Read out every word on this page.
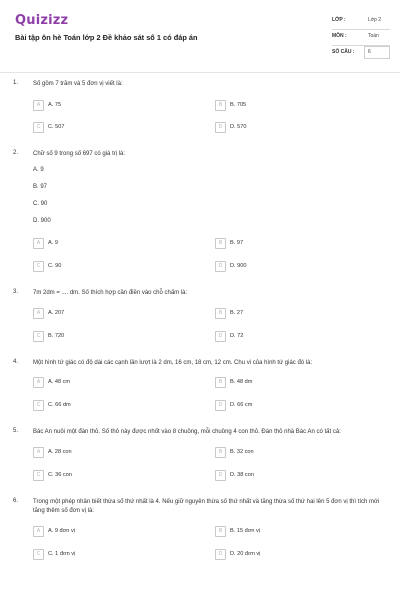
Quizizz
Bài tập ôn hè Toán lớp 2 Đề khảo sát số 1 có đáp án
LỚP :	Lớp 2
MÔN :	Toán
SỐ CÂU :	6
1. Số gồm 7 trăm và 5 đơn vị viết là:
A	A. 75	B	B. 705
C	C. 507	D	D. 570
2. Chữ số 9 trong số 697 có giá trị là:
A. 9
B. 97
C. 90
D. 900
A	A. 9	B	B. 97
C	C. 90	D	D. 900
3. 7m 2dm = .... dm. Số thích hợp cần điền vào chỗ chấm là:
A	A. 207	B	B. 27
C	B. 720	D	D. 72
4. Một hình tứ giác có độ dài các cạnh lần lượt là 2 dm, 16 cm, 18 cm, 12 cm. Chu vi của hình tứ giác đó là:
A	A. 48 cm	B	B. 48 dm
C	C. 66 dm	D	D. 66 cm
5. Bác An nuôi một đàn thỏ. Số thỏ này được nhốt vào 8 chuồng, mỗi chuồng 4 con thỏ. Đàn thỏ nhà Bác An có tất cả:
A	A. 28 con	B	B. 32 con
C	C. 36 con	D	D. 38 con
6. Trong một phép nhân biết thừa số thứ nhất là 4. Nếu giữ nguyên thừa số thứ nhất và tăng thừa số thứ hai lên 5 đơn vị thì tích mới tăng thêm số đơn vị là:
A	A. 9 đơn vị	B	B. 15 đơn vị
C	C. 1 đơn vị	D	D. 20 đơn vị
